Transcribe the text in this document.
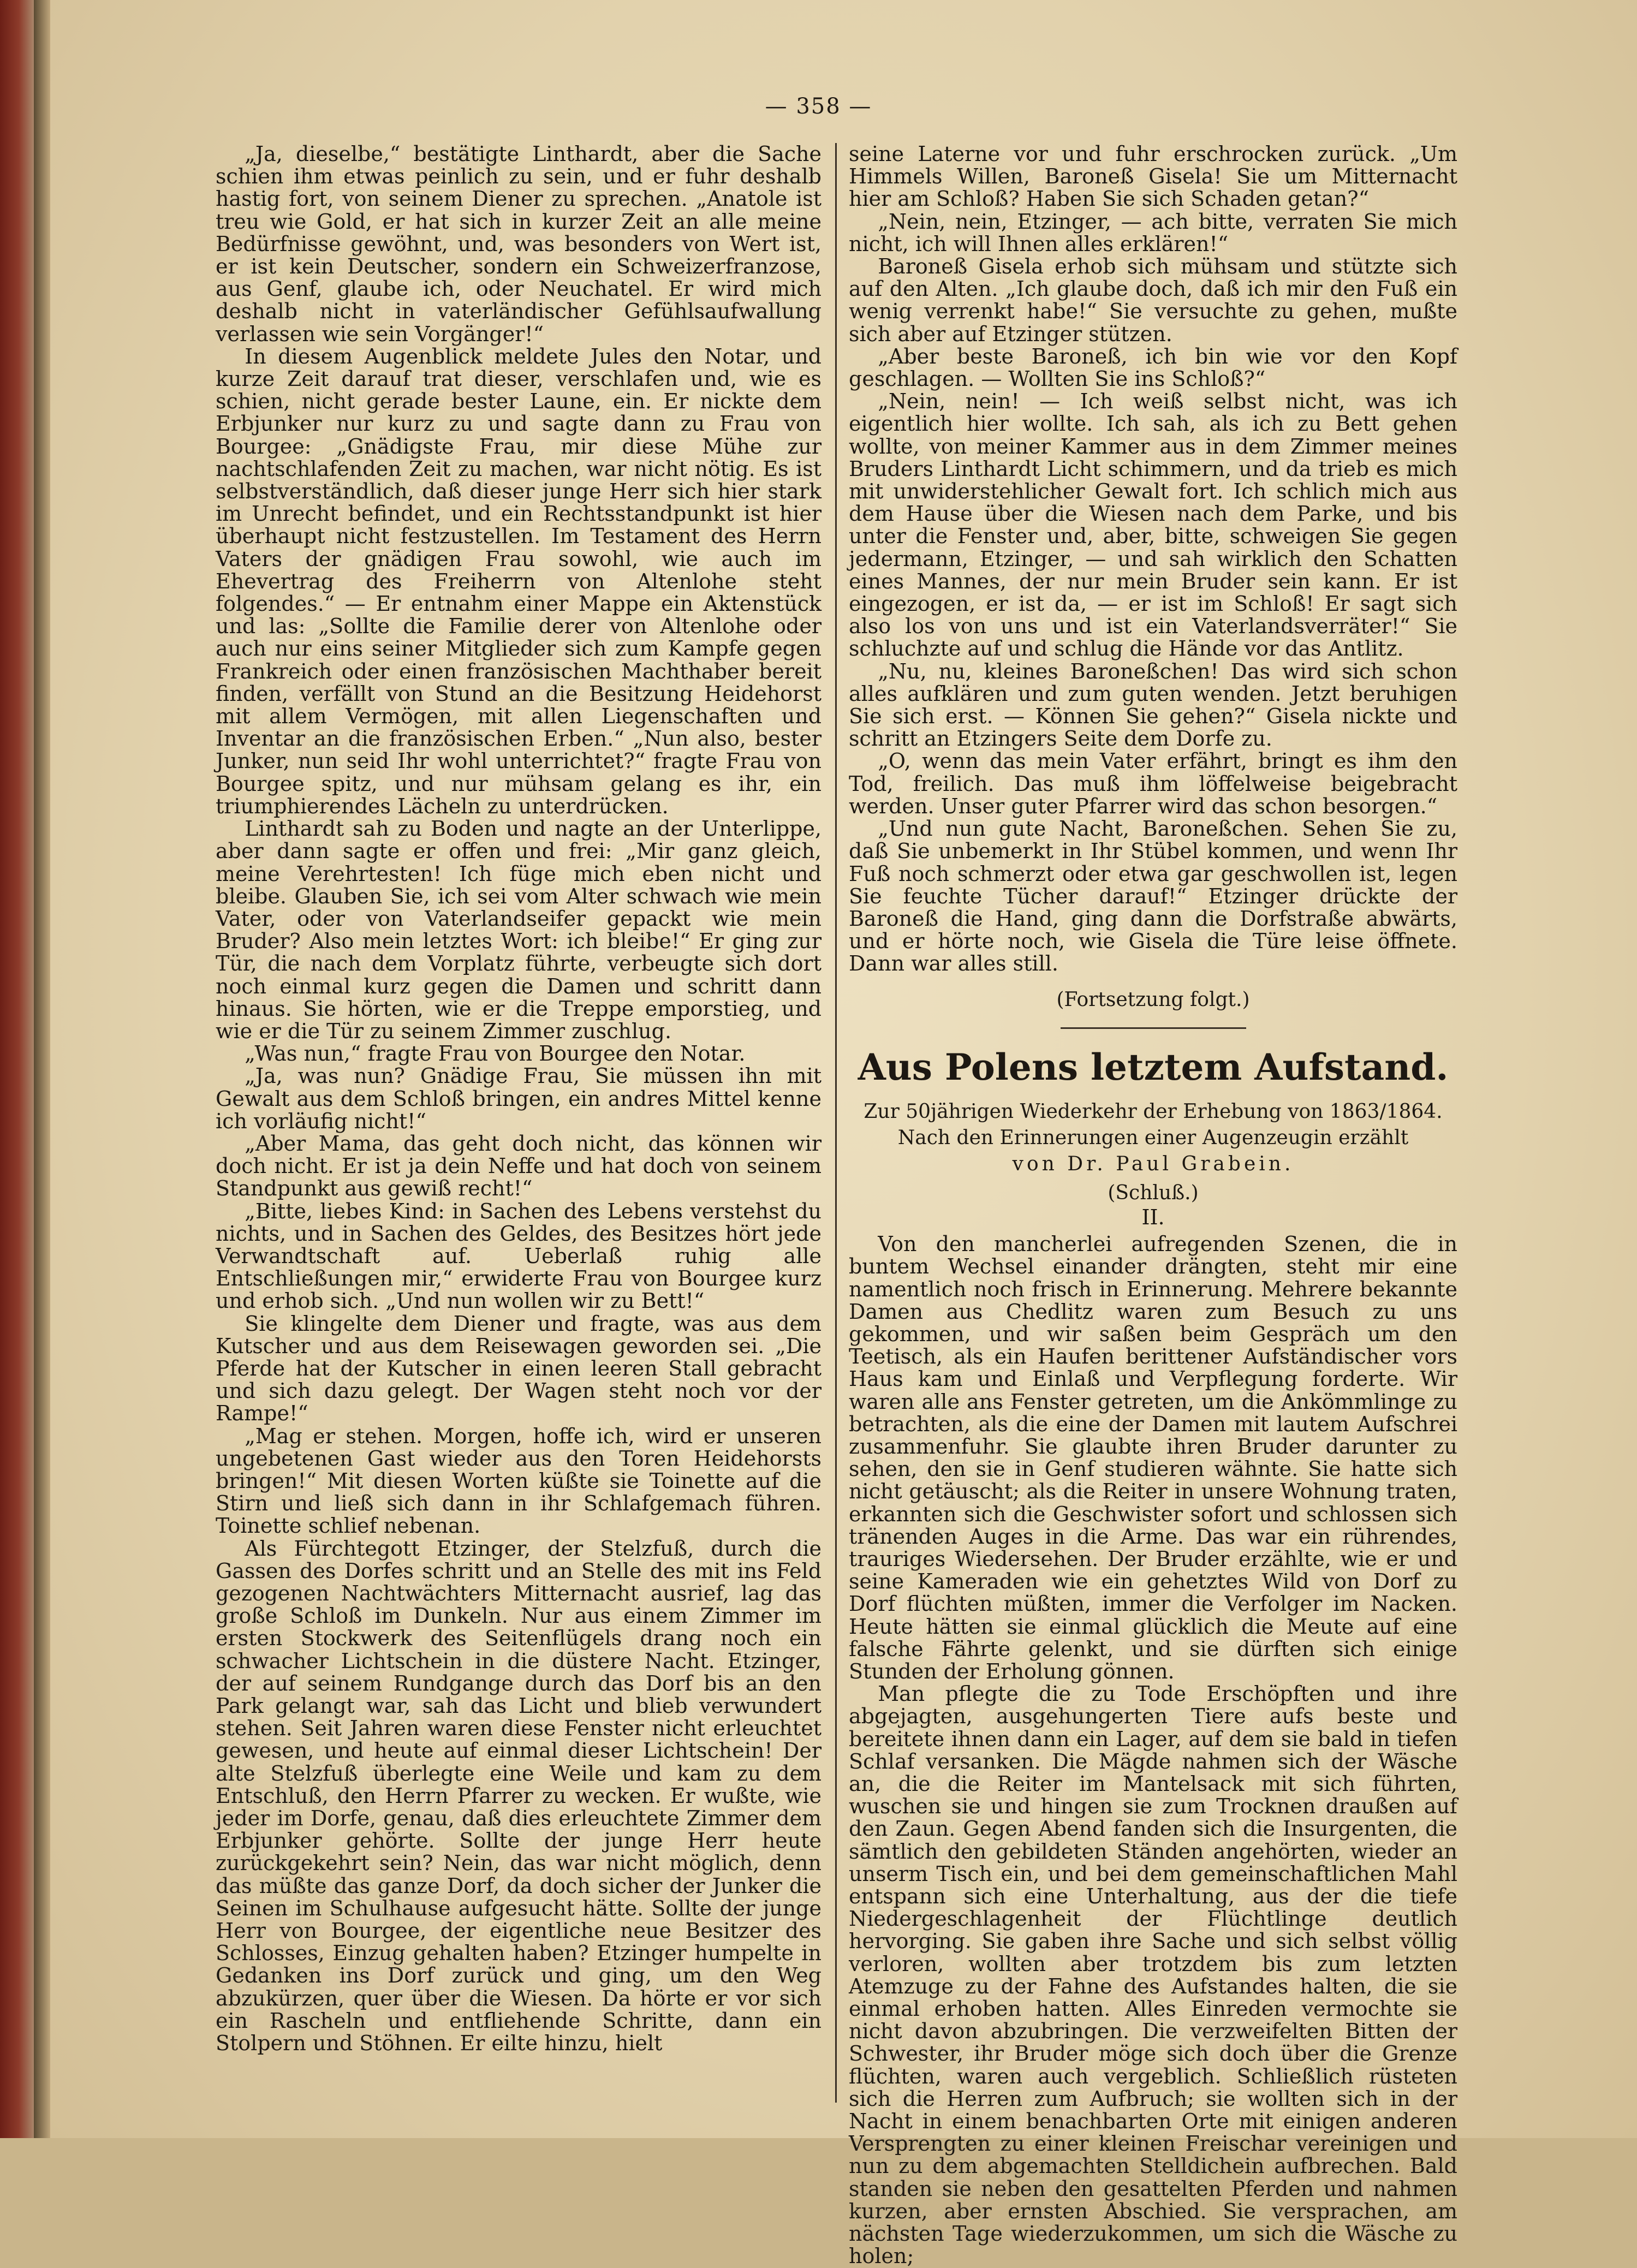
— 358 —

„Ja, dieselbe,“ bestätigte Linthardt, aber die Sache schien ihm etwas peinlich zu sein, und er fuhr deshalb hastig fort, von seinem Diener zu sprechen. „Anatole ist treu wie Gold, er hat sich in kurzer Zeit an alle meine Bedürfnisse gewöhnt, und, was besonders von Wert ist, er ist kein Deutscher, sondern ein Schweizerfranzose, aus Genf, glaube ich, oder Neuchatel. Er wird mich deshalb nicht in vaterländischer Gefühlsaufwallung verlassen wie sein Vorgänger!“

In diesem Augenblick meldete Jules den Notar, und kurze Zeit darauf trat dieser, verschlafen und, wie es schien, nicht gerade bester Laune, ein. Er nickte dem Erbjunker nur kurz zu und sagte dann zu Frau von Bourgee: „Gnädigste Frau, mir diese Mühe zur nachtschlafenden Zeit zu machen, war nicht nötig. Es ist selbstverständlich, daß dieser junge Herr sich hier stark im Unrecht befindet, und ein Rechtsstandpunkt ist hier überhaupt nicht festzustellen. Im Testament des Herrn Vaters der gnädigen Frau sowohl, wie auch im Ehevertrag des Freiherrn von Altenlohe steht folgendes.“ — Er entnahm einer Mappe ein Aktenstück und las: „Sollte die Familie derer von Altenlohe oder auch nur eins seiner Mitglieder sich zum Kampfe gegen Frankreich oder einen französischen Machthaber bereit finden, verfällt von Stund an die Besitzung Heidehorst mit allem Vermögen, mit allen Liegenschaften und Inventar an die französischen Erben.“ „Nun also, bester Junker, nun seid Ihr wohl unterrichtet?“ fragte Frau von Bourgee spitz, und nur mühsam gelang es ihr, ein triumphierendes Lächeln zu unterdrücken.

Linthardt sah zu Boden und nagte an der Unterlippe, aber dann sagte er offen und frei: „Mir ganz gleich, meine Verehrtesten! Ich füge mich eben nicht und bleibe. Glauben Sie, ich sei vom Alter schwach wie mein Vater, oder von Vaterlandseifer gepackt wie mein Bruder? Also mein letztes Wort: ich bleibe!“ Er ging zur Tür, die nach dem Vorplatz führte, verbeugte sich dort noch einmal kurz gegen die Damen und schritt dann hinaus. Sie hörten, wie er die Treppe emporstieg, und wie er die Tür zu seinem Zimmer zuschlug.

„Was nun,“ fragte Frau von Bourgee den Notar.

„Ja, was nun? Gnädige Frau, Sie müssen ihn mit Gewalt aus dem Schloß bringen, ein andres Mittel kenne ich vorläufig nicht!“

„Aber Mama, das geht doch nicht, das können wir doch nicht. Er ist ja dein Neffe und hat doch von seinem Standpunkt aus gewiß recht!“

„Bitte, liebes Kind: in Sachen des Lebens verstehst du nichts, und in Sachen des Geldes, des Besitzes hört jede Verwandtschaft auf. Ueberlaß ruhig alle Entschließungen mir,“ erwiderte Frau von Bourgee kurz und erhob sich. „Und nun wollen wir zu Bett!“

Sie klingelte dem Diener und fragte, was aus dem Kutscher und aus dem Reisewagen geworden sei. „Die Pferde hat der Kutscher in einen leeren Stall gebracht und sich dazu gelegt. Der Wagen steht noch vor der Rampe!“

„Mag er stehen. Morgen, hoffe ich, wird er unseren ungebetenen Gast wieder aus den Toren Heidehorsts bringen!“ Mit diesen Worten küßte sie Toinette auf die Stirn und ließ sich dann in ihr Schlafgemach führen. Toinette schlief nebenan.

Als Fürchtegott Etzinger, der Stelzfuß, durch die Gassen des Dorfes schritt und an Stelle des mit ins Feld gezogenen Nachtwächters Mitternacht ausrief, lag das große Schloß im Dunkeln. Nur aus einem Zimmer im ersten Stockwerk des Seitenflügels drang noch ein schwacher Lichtschein in die düstere Nacht. Etzinger, der auf seinem Rundgange durch das Dorf bis an den Park gelangt war, sah das Licht und blieb verwundert stehen. Seit Jahren waren diese Fenster nicht erleuchtet gewesen, und heute auf einmal dieser Lichtschein! Der alte Stelzfuß überlegte eine Weile und kam zu dem Entschluß, den Herrn Pfarrer zu wecken. Er wußte, wie jeder im Dorfe, genau, daß dies erleuchtete Zimmer dem Erbjunker gehörte. Sollte der junge Herr heute zurückgekehrt sein? Nein, das war nicht möglich, denn das müßte das ganze Dorf, da doch sicher der Junker die Seinen im Schulhause aufgesucht hätte. Sollte der junge Herr von Bourgee, der eigentliche neue Besitzer des Schlosses, Einzug gehalten haben? Etzinger humpelte in Gedanken ins Dorf zurück und ging, um den Weg abzukürzen, quer über die Wiesen. Da hörte er vor sich ein Rascheln und entfliehende Schritte, dann ein Stolpern und Stöhnen. Er eilte hinzu, hielt

seine Laterne vor und fuhr erschrocken zurück. „Um Himmels Willen, Baroneß Gisela! Sie um Mitternacht hier am Schloß? Haben Sie sich Schaden getan?“

„Nein, nein, Etzinger, — ach bitte, verraten Sie mich nicht, ich will Ihnen alles erklären!“

Baroneß Gisela erhob sich mühsam und stützte sich auf den Alten. „Ich glaube doch, daß ich mir den Fuß ein wenig verrenkt habe!“ Sie versuchte zu gehen, mußte sich aber auf Etzinger stützen.

„Aber beste Baroneß, ich bin wie vor den Kopf geschlagen. — Wollten Sie ins Schloß?“

„Nein, nein! — Ich weiß selbst nicht, was ich eigentlich hier wollte. Ich sah, als ich zu Bett gehen wollte, von meiner Kammer aus in dem Zimmer meines Bruders Linthardt Licht schimmern, und da trieb es mich mit unwiderstehlicher Gewalt fort. Ich schlich mich aus dem Hause über die Wiesen nach dem Parke, und bis unter die Fenster und, aber, bitte, schweigen Sie gegen jedermann, Etzinger, — und sah wirklich den Schatten eines Mannes, der nur mein Bruder sein kann. Er ist eingezogen, er ist da, — er ist im Schloß! Er sagt sich also los von uns und ist ein Vaterlandsverräter!“ Sie schluchzte auf und schlug die Hände vor das Antlitz.

„Nu, nu, kleines Baroneßchen! Das wird sich schon alles aufklären und zum guten wenden. Jetzt beruhigen Sie sich erst. — Können Sie gehen?“ Gisela nickte und schritt an Etzingers Seite dem Dorfe zu.

„O, wenn das mein Vater erfährt, bringt es ihm den Tod, freilich. Das muß ihm löffelweise beigebracht werden. Unser guter Pfarrer wird das schon besorgen.“

„Und nun gute Nacht, Baroneßchen. Sehen Sie zu, daß Sie unbemerkt in Ihr Stübel kommen, und wenn Ihr Fuß noch schmerzt oder etwa gar geschwollen ist, legen Sie feuchte Tücher darauf!“ Etzinger drückte der Baroneß die Hand, ging dann die Dorfstraße abwärts, und er hörte noch, wie Gisela die Türe leise öffnete. Dann war alles still.

(Fortsetzung folgt.)
Aus Polens letztem Aufstand.
Zur 50jährigen Wiederkehr der Erhebung von 1863/1864.
Nach den Erinnerungen einer Augenzeugin erzählt
von Dr. Paul Grabein.
(Schluß.)
II.

Von den mancherlei aufregenden Szenen, die in buntem Wechsel einander drängten, steht mir eine namentlich noch frisch in Erinnerung. Mehrere bekannte Damen aus Chedlitz waren zum Besuch zu uns gekommen, und wir saßen beim Gespräch um den Teetisch, als ein Haufen berittener Aufständischer vors Haus kam und Einlaß und Verpflegung forderte. Wir waren alle ans Fenster getreten, um die Ankömmlinge zu betrachten, als die eine der Damen mit lautem Aufschrei zusammenfuhr. Sie glaubte ihren Bruder darunter zu sehen, den sie in Genf studieren wähnte. Sie hatte sich nicht getäuscht; als die Reiter in unsere Wohnung traten, erkannten sich die Geschwister sofort und schlossen sich tränenden Auges in die Arme. Das war ein rührendes, trauriges Wiedersehen. Der Bruder erzählte, wie er und seine Kameraden wie ein gehetztes Wild von Dorf zu Dorf flüchten müßten, immer die Verfolger im Nacken. Heute hätten sie einmal glücklich die Meute auf eine falsche Fährte gelenkt, und sie dürften sich einige Stunden der Erholung gönnen.

Man pflegte die zu Tode Erschöpften und ihre abgejagten, ausgehungerten Tiere aufs beste und bereitete ihnen dann ein Lager, auf dem sie bald in tiefen Schlaf versanken. Die Mägde nahmen sich der Wäsche an, die die Reiter im Mantelsack mit sich führten, wuschen sie und hingen sie zum Trocknen draußen auf den Zaun. Gegen Abend fanden sich die Insurgenten, die sämtlich den gebildeten Ständen angehörten, wieder an unserm Tisch ein, und bei dem gemeinschaftlichen Mahl entspann sich eine Unterhaltung, aus der die tiefe Niedergeschlagenheit der Flüchtlinge deutlich hervorging. Sie gaben ihre Sache und sich selbst völlig verloren, wollten aber trotzdem bis zum letzten Atemzuge zu der Fahne des Aufstandes halten, die sie einmal erhoben hatten. Alles Einreden vermochte sie nicht davon abzubringen. Die verzweifelten Bitten der Schwester, ihr Bruder möge sich doch über die Grenze flüchten, waren auch vergeblich. Schließlich rüsteten sich die Herren zum Aufbruch; sie wollten sich in der Nacht in einem benachbarten Orte mit einigen anderen Versprengten zu einer kleinen Freischar vereinigen und nun zu dem abgemachten Stelldichein aufbrechen. Bald standen sie neben den gesattelten Pferden und nahmen kurzen, aber ernsten Abschied. Sie versprachen, am nächsten Tage wiederzukommen, um sich die Wäsche zu holen;
